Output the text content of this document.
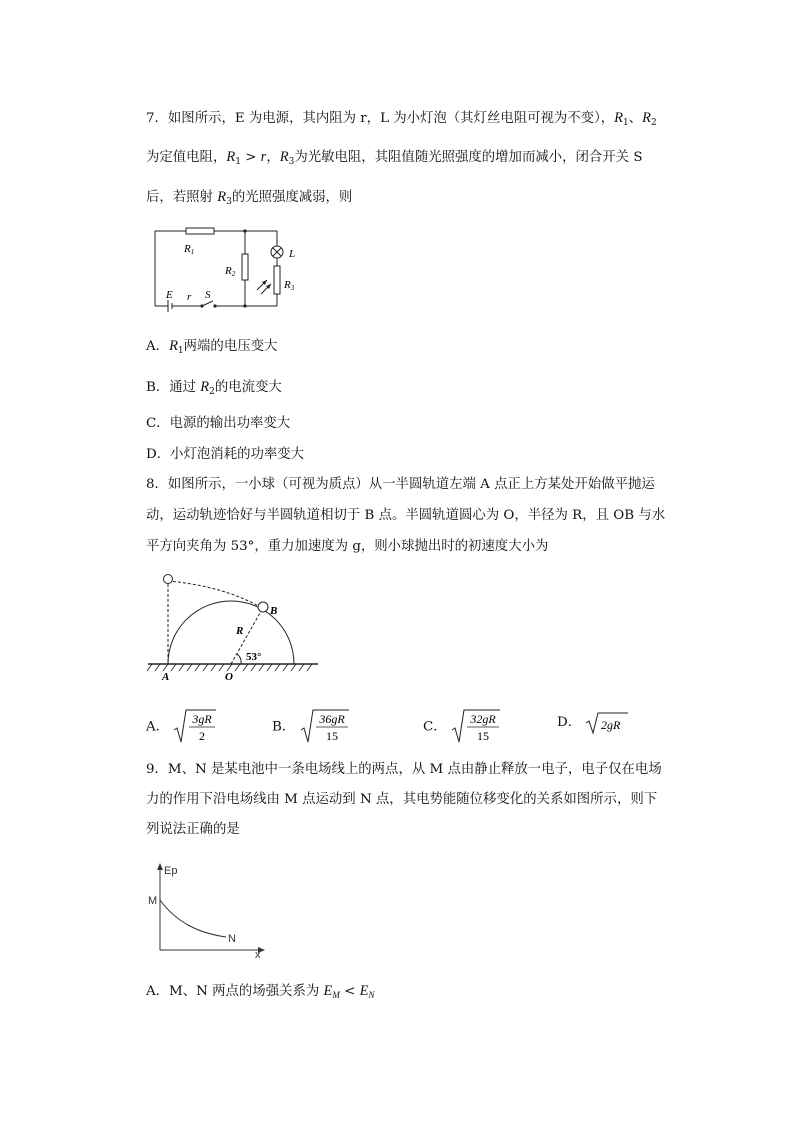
7．如图所示，E 为电源，其内阻为 r，L 为小灯泡（其灯丝电阻可视为不变），$R_1$、$R_2$
为定值电阻，$R_1 > r$，$R_3$为光敏电阻，其阻值随光照强度的增加而减小，闭合开关 S
后，若照射 $R_3$的光照强度减弱，则
R1
R2
R3
L
E r S
A．$R_1$两端的电压变大
B．通过 $R_2$的电流变大
C．电源的输出功率变大
D．小灯泡消耗的功率变大
8．如图所示，一小球（可视为质点）从一半圆轨道左端 A 点正上方某处开始做平抛运
动，运动轨迹恰好与半圆轨道相切于 B 点。半圆轨道圆心为 O，半径为 R，且 OB 与水
平方向夹角为 53°，重力加速度为 g，则小球抛出时的初速度大小为
B
R
53°
A	O
A．
3gR
2
B．
36gR
15
C．
32gR
15
D． 2gR
9．M、N 是某电池中一条电场线上的两点，从 M 点由静止释放一电子，电子仅在电场
力的作用下沿电场线由 M 点运动到 N 点，其电势能随位移变化的关系如图所示，则下
列说法正确的是
Ep
M
N
x
A．M、N 两点的场强关系为 $E_M < E_N$
